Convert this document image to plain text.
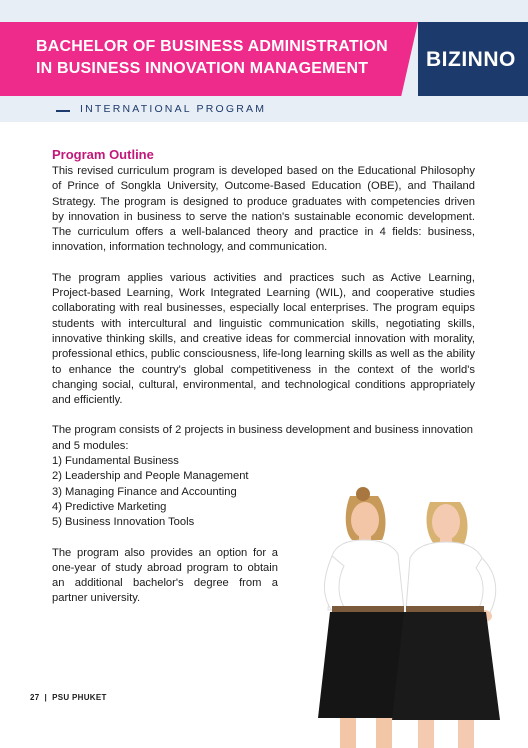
BACHELOR OF BUSINESS ADMINISTRATION
IN BUSINESS INNOVATION MANAGEMENT	BIZINNO
INTERNATIONAL PROGRAM
Program Outline

This revised curriculum program is developed based on the Educational Philosophy of Prince of Songkla University, Outcome-Based Education (OBE), and Thailand Strategy. The program is designed to produce graduates with competencies driven by innovation in business to serve the nation's sustainable economic development. The curriculum offers a well-balanced theory and practice in 4 fields: business, innovation, information technology, and communication.

The program applies various activities and practices such as Active Learning, Project-based Learning, Work Integrated Learning (WIL), and cooperative studies collaborating with real businesses, especially local enterprises. The program equips students with intercultural and linguistic communication skills, negotiating skills, innovative thinking skills, and creative ideas for commercial innovation with morality, professional ethics, public consciousness, life-long learning skills as well as the ability to enhance the country's global competitiveness in the context of the world's changing social, cultural, environmental, and technological conditions appropriately and efficiently.

The program consists of 2 projects in business development and business innovation and 5 modules:

1) Fundamental Business
2) Leadership and People Management
3) Managing Finance and Accounting
4) Predictive Marketing
5) Business Innovation Tools

The program also provides an option for a one-year of study abroad program to obtain an additional bachelor's degree from a partner university.

27 | PSU PHUKET
